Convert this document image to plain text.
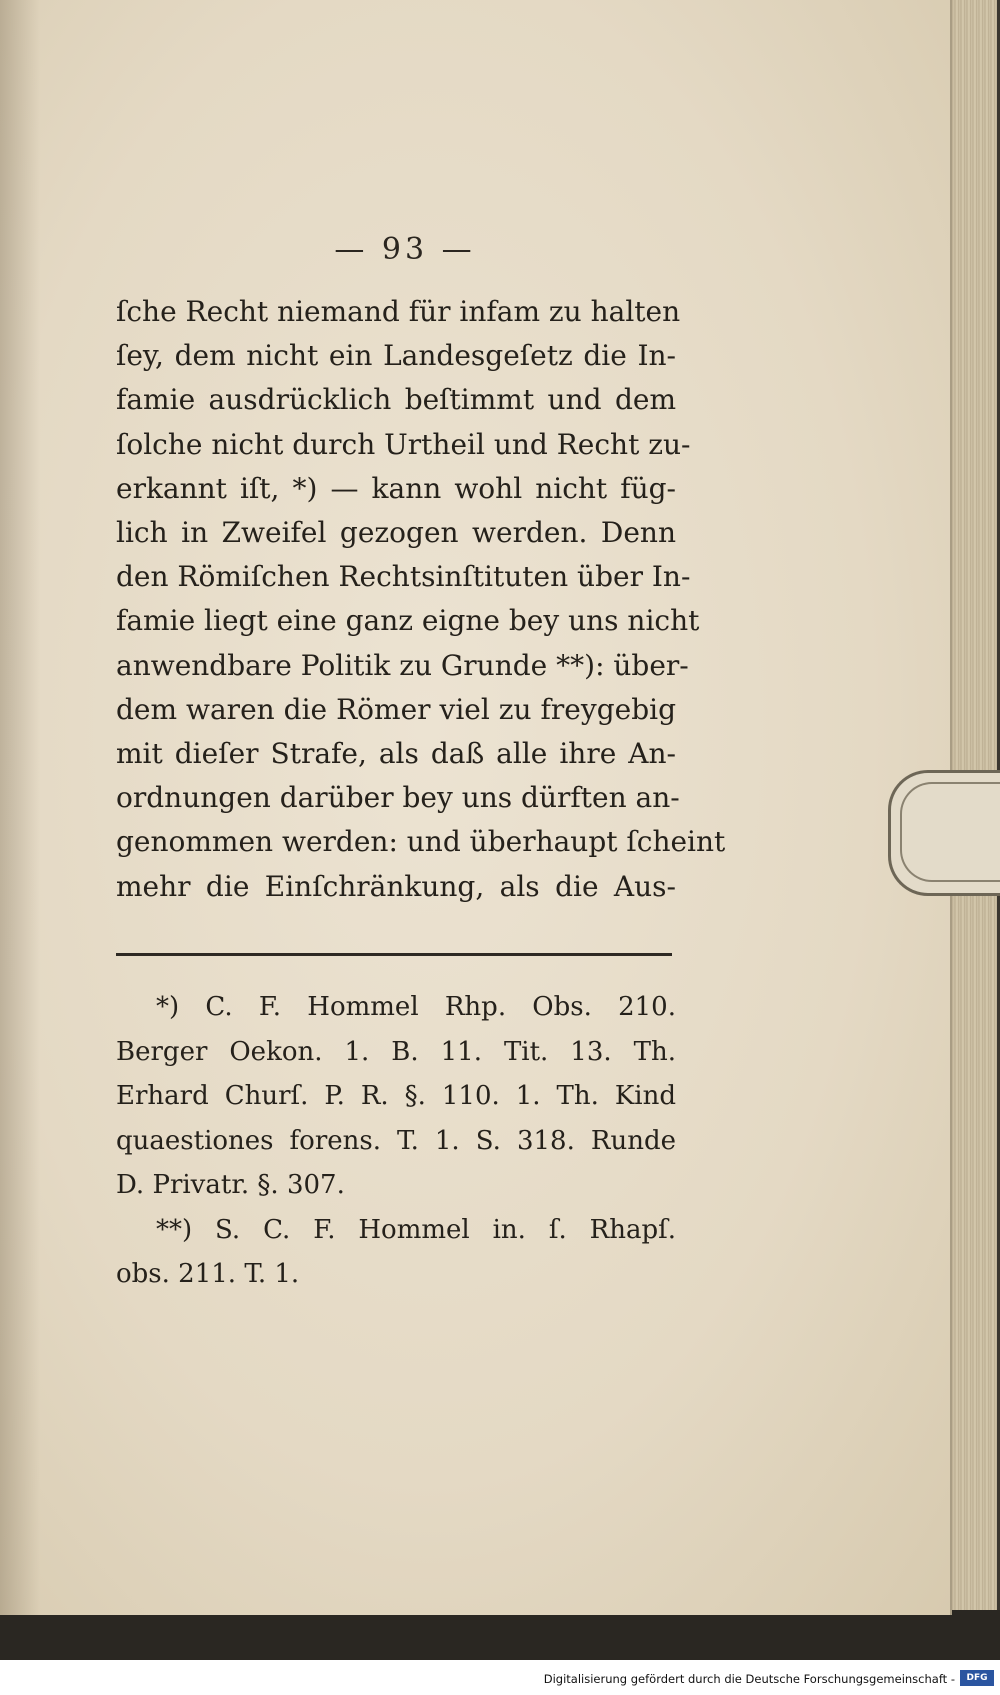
— 93 —
ſche Recht niemand für infam zu halten
ſey, dem nicht ein Landesgeſetz die In-
famie ausdrücklich beſtimmt und dem
ſolche nicht durch Urtheil und Recht zu-
erkannt iſt, *) — kann wohl nicht füg-
lich in Zweifel gezogen werden. Denn
den Römiſchen Rechtsinſtituten über In-
famie liegt eine ganz eigne bey uns nicht
anwendbare Politik zu Grunde **): über-
dem waren die Römer viel zu freygebig
mit dieſer Strafe, als daß alle ihre An-
ordnungen darüber bey uns dürften an-
genommen werden: und überhaupt ſcheint
mehr die Einſchränkung, als die Aus-
*) C. F. Hommel Rhp. Obs. 210.
Berger Oekon. 1. B. 11. Tit. 13. Th.
Erhard Churſ. P. R. §. 110. 1. Th. Kind
quaestiones forens. T. 1. S. 318. Runde
D. Privatr. §. 307.
**) S. C. F. Hommel in. ſ. Rhapſ.
obs. 211. T. 1.
Digitalisierung gefördert durch die Deutsche Forschungsgemeinschaft -	DFG
